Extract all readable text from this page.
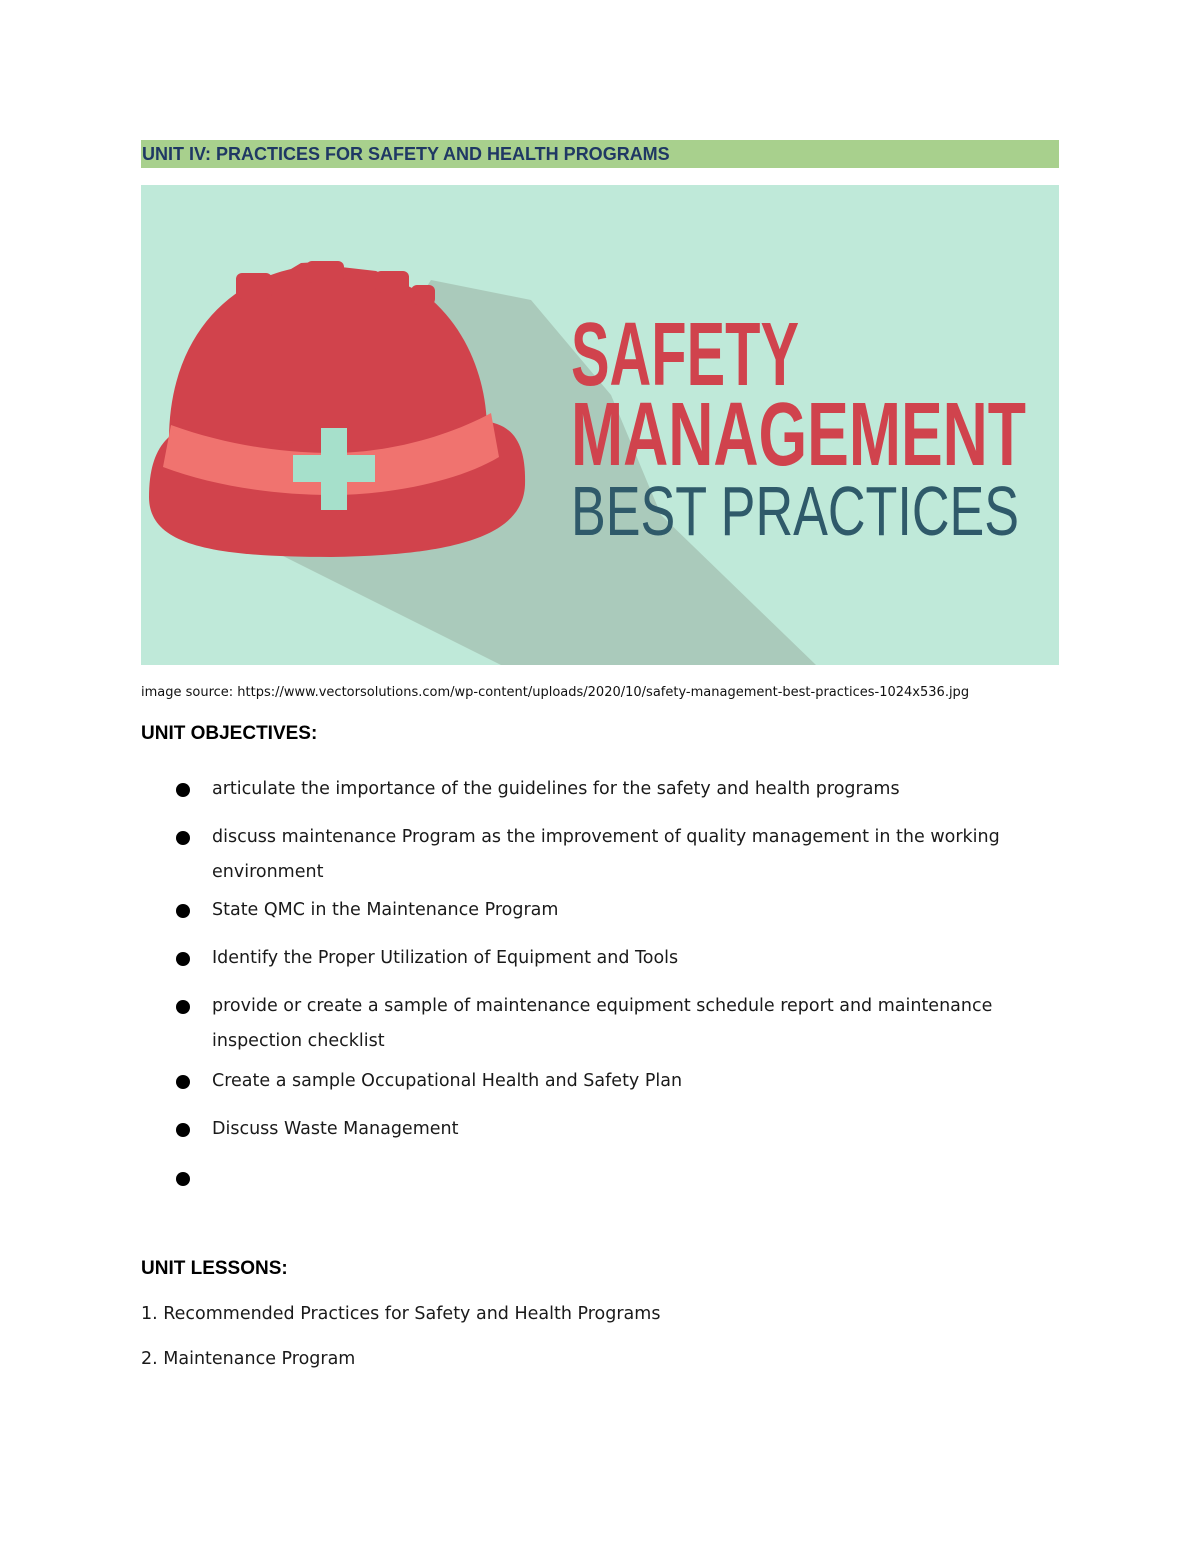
UNIT IV: PRACTICES FOR SAFETY AND HEALTH PROGRAMS
SAFETY
MANAGEMENT
BEST PRACTICES
image source: https://www.vectorsolutions.com/wp-content/uploads/2020/10/safety-management-best-practices-1024x536.jpg
UNIT OBJECTIVES:
articulate the importance of the guidelines for the safety and health programs
discuss maintenance Program as the improvement of quality management in the working environment
State QMC in the Maintenance Program
Identify the Proper Utilization of Equipment and Tools
provide or create a sample of maintenance equipment schedule report and maintenance inspection checklist
Create a sample Occupational Health and Safety Plan
Discuss Waste Management
UNIT LESSONS:
1. Recommended Practices for Safety and Health Programs
2. Maintenance Program
